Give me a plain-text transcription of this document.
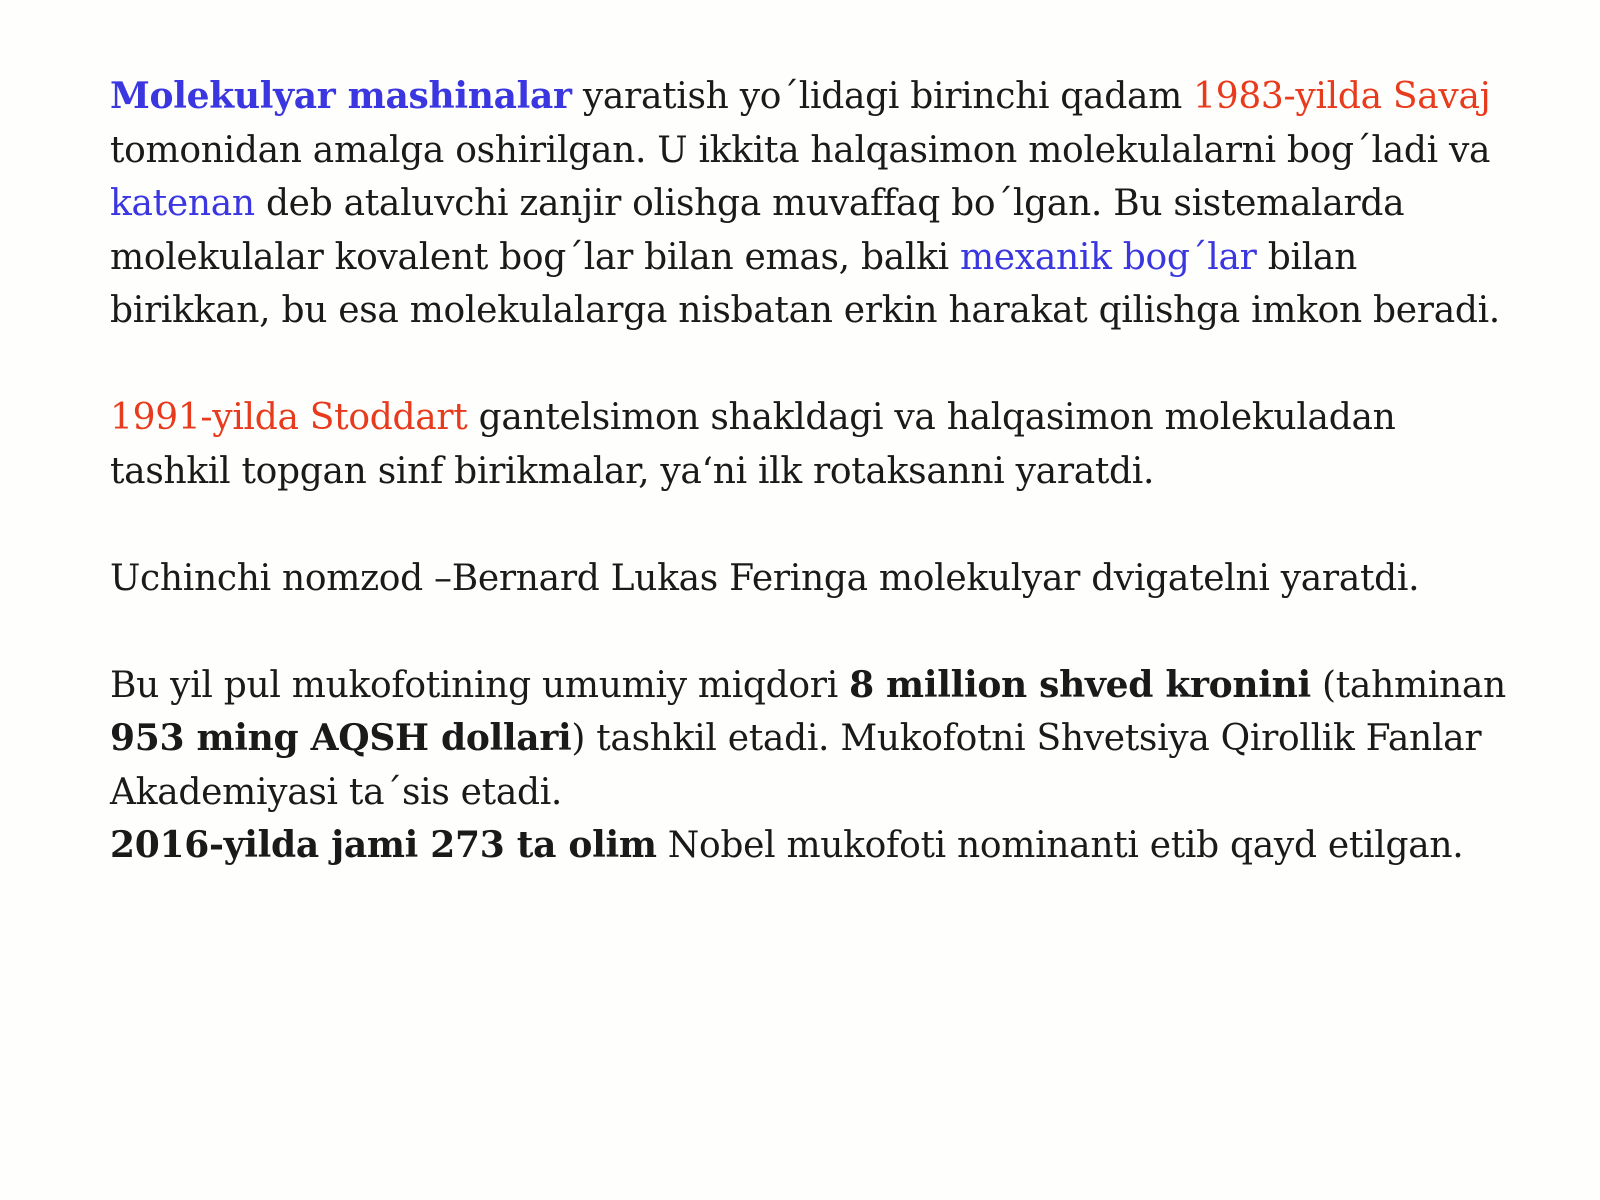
Molekulyar mashinalar yaratish yo´lidagi birinchi qadam 1983-yilda Savaj tomonidan amalga oshirilgan. U ikkita halqasimon molekulalarni bog´ladi va katenan deb ataluvchi zanjir olishga muvaffaq bo´lgan. Bu sistemalarda molekulalar kovalent bog´lar bilan emas, balki mexanik bog´lar bilan birikkan, bu esa molekulalarga nisbatan erkin harakat qilishga imkon beradi.

1991-yilda Stoddart gantelsimon shakldagi va halqasimon molekuladan tashkil topgan sinf birikmalar, ya‘ni ilk rotaksanni yaratdi.

Uchinchi nomzod –Bernard Lukas Feringa molekulyar dvigatelni yaratdi.

Bu yil pul mukofotining umumiy miqdori 8 million shved kronini (tahminan 953 ming AQSH dollari) tashkil etadi. Mukofotni Shvetsiya Qirollik Fanlar Akademiyasi ta´sis etadi.

2016-yilda jami 273 ta olim Nobel mukofoti nominanti etib qayd etilgan.
